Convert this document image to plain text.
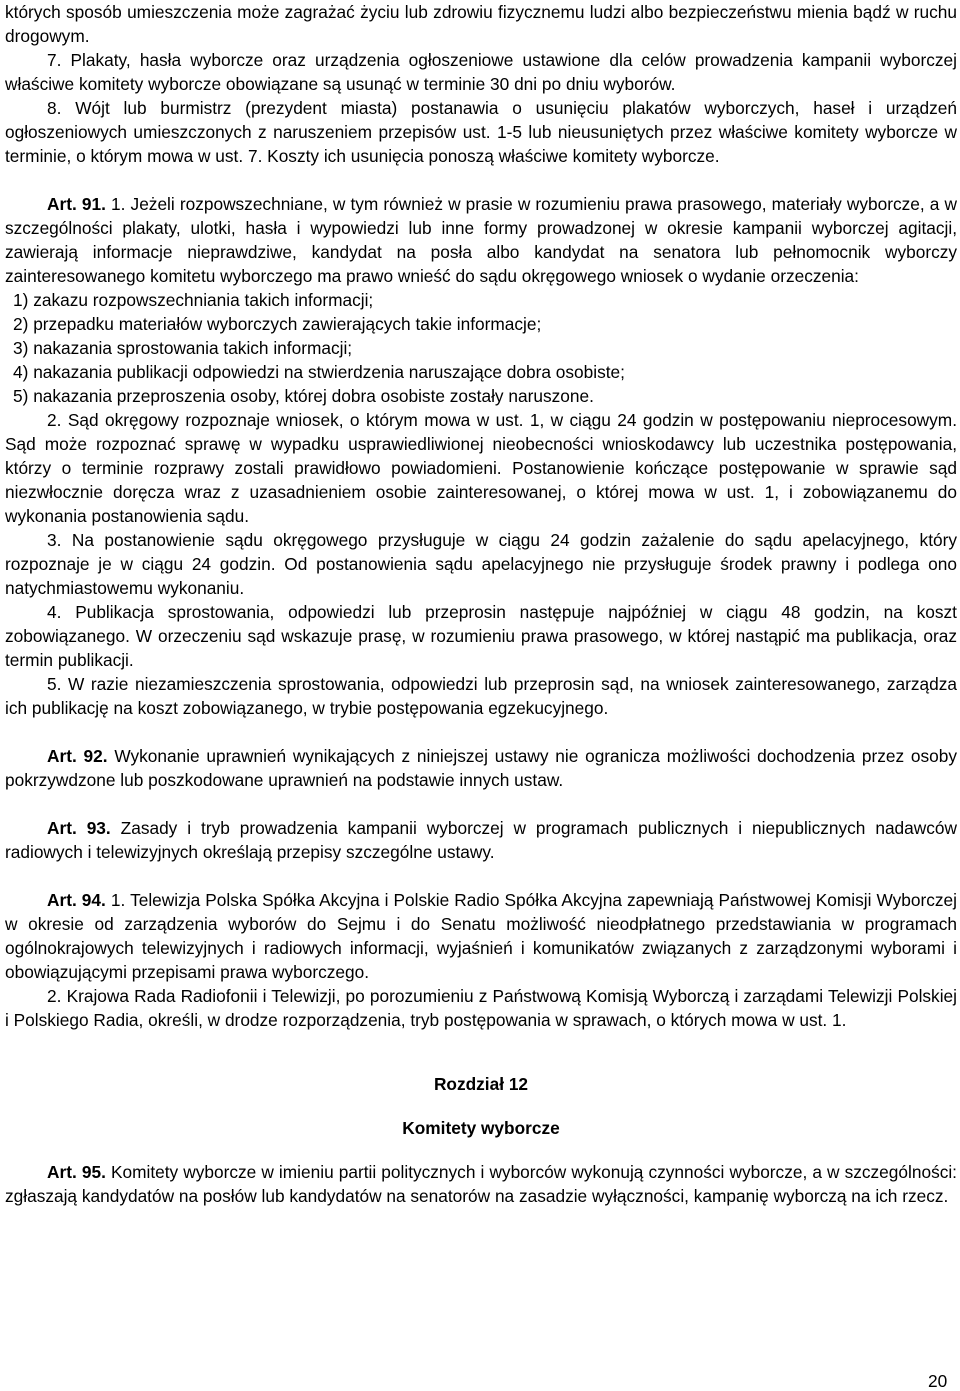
których sposób umieszczenia może zagrażać życiu lub zdrowiu fizycznemu ludzi albo bezpieczeństwu mienia bądź w ruchu drogowym.

7. Plakaty, hasła wyborcze oraz urządzenia ogłoszeniowe ustawione dla celów prowadzenia kampanii wyborczej właściwe komitety wyborcze obowiązane są usunąć w terminie 30 dni po dniu wyborów.

8. Wójt lub burmistrz (prezydent miasta) postanawia o usunięciu plakatów wyborczych, haseł i urządzeń ogłoszeniowych umieszczonych z naruszeniem przepisów ust. 1-5 lub nieusuniętych przez właściwe komitety wyborcze w terminie, o którym mowa w ust. 7. Koszty ich usunięcia ponoszą właściwe komitety wyborcze.

Art. 91. 1. Jeżeli rozpowszechniane, w tym również w prasie w rozumieniu prawa prasowego, materiały wyborcze, a w szczególności plakaty, ulotki, hasła i wypowiedzi lub inne formy prowadzonej w okresie kampanii wyborczej agitacji, zawierają informacje nieprawdziwe, kandydat na posła albo kandydat na senatora lub pełnomocnik wyborczy zainteresowanego komitetu wyborczego ma prawo wnieść do sądu okręgowego wniosek o wydanie orzeczenia:

1) zakazu rozpowszechniania takich informacji;

2) przepadku materiałów wyborczych zawierających takie informacje;

3) nakazania sprostowania takich informacji;

4) nakazania publikacji odpowiedzi na stwierdzenia naruszające dobra osobiste;

5) nakazania przeproszenia osoby, której dobra osobiste zostały naruszone.

2. Sąd okręgowy rozpoznaje wniosek, o którym mowa w ust. 1, w ciągu 24 godzin w postępowaniu nieprocesowym. Sąd może rozpoznać sprawę w wypadku usprawiedliwionej nieobecności wnioskodawcy lub uczestnika postępowania, którzy o terminie rozprawy zostali prawidłowo powiadomieni. Postanowienie kończące postępowanie w sprawie sąd niezwłocznie doręcza wraz z uzasadnieniem osobie zainteresowanej, o której mowa w ust. 1, i zobowiązanemu do wykonania postanowienia sądu.

3. Na postanowienie sądu okręgowego przysługuje w ciągu 24 godzin zażalenie do sądu apelacyjnego, który rozpoznaje je w ciągu 24 godzin. Od postanowienia sądu apelacyjnego nie przysługuje środek prawny i podlega ono natychmiastowemu wykonaniu.

4. Publikacja sprostowania, odpowiedzi lub przeprosin następuje najpóźniej w ciągu 48 godzin, na koszt zobowiązanego. W orzeczeniu sąd wskazuje prasę, w rozumieniu prawa prasowego, w której nastąpić ma publikacja, oraz termin publikacji.

5. W razie niezamieszczenia sprostowania, odpowiedzi lub przeprosin sąd, na wniosek zainteresowanego, zarządza ich publikację na koszt zobowiązanego, w trybie postępowania egzekucyjnego.

Art. 92. Wykonanie uprawnień wynikających z niniejszej ustawy nie ogranicza możliwości dochodzenia przez osoby pokrzywdzone lub poszkodowane uprawnień na podstawie innych ustaw.

Art. 93. Zasady i tryb prowadzenia kampanii wyborczej w programach publicznych i niepublicznych nadawców radiowych i telewizyjnych określają przepisy szczególne ustawy.

Art. 94. 1. Telewizja Polska Spółka Akcyjna i Polskie Radio Spółka Akcyjna zapewniają Państwowej Komisji Wyborczej w okresie od zarządzenia wyborów do Sejmu i do Senatu możliwość nieodpłatnego przedstawiania w programach ogólnokrajowych telewizyjnych i radiowych informacji, wyjaśnień i komunikatów związanych z zarządzonymi wyborami i obowiązującymi przepisami prawa wyborczego.

2. Krajowa Rada Radiofonii i Telewizji, po porozumieniu z Państwową Komisją Wyborczą i zarządami Telewizji Polskiej i Polskiego Radia, określi, w drodze rozporządzenia, tryb postępowania w sprawach, o których mowa w ust. 1.

Rozdział 12

Komitety wyborcze

Art. 95. Komitety wyborcze w imieniu partii politycznych i wyborców wykonują czynności wyborcze, a w szczególności: zgłaszają kandydatów na posłów lub kandydatów na senatorów na zasadzie wyłączności, kampanię wyborczą na ich rzecz.

20
